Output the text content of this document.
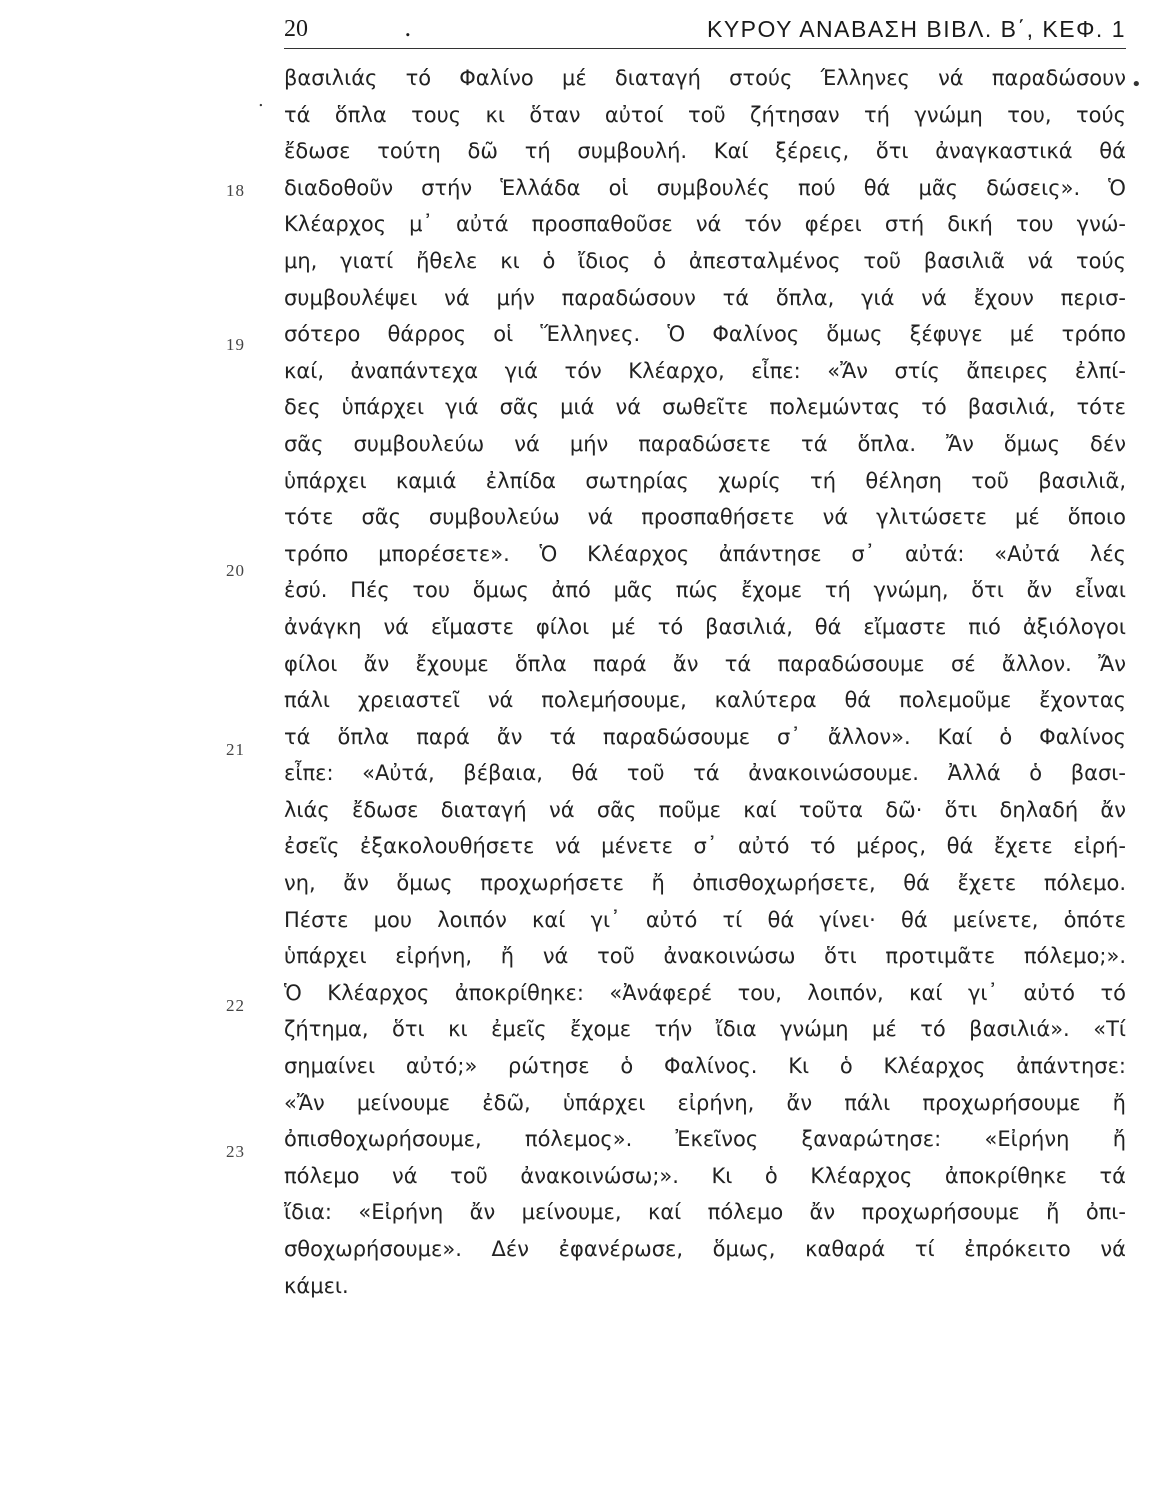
20	.	ΚΥΡΟΥ ΑΝΑΒΑΣΗ ΒΙΒΛ. Β΄, ΚΕΦ. 1
.
•
18
19
20
21
22
23
βασιλιάς τό Φαλίνο μέ διαταγή στούς Έλληνες νά παραδώσουν
τά ὅπλα τους κι ὅταν αὐτοί τοῦ ζήτησαν τή γνώμη του, τούς
ἔδωσε τούτη δῶ τή συμβουλή. Καί ξέρεις, ὅτι ἀναγκαστικά θά
διαδοθοῦν στήν Ἑλλάδα οἱ συμβουλές πού θά μᾶς δώσεις». Ὁ
Κλέαρχος μ᾽ αὐτά προσπαθοῦσε νά τόν φέρει στή δική του γνώ-
μη, γιατί ἤθελε κι ὁ ἴδιος ὁ ἀπεσταλμένος τοῦ βασιλιᾶ νά τούς
συμβουλέψει νά μήν παραδώσουν τά ὅπλα, γιά νά ἔχουν περισ-
σότερο θάρρος οἱ Ἕλληνες. Ὁ Φαλίνος ὅμως ξέφυγε μέ τρόπο
καί, ἀναπάντεχα γιά τόν Κλέαρχο, εἶπε: «Ἄν στίς ἄπειρες ἐλπί-
δες ὑπάρχει γιά σᾶς μιά νά σωθεῖτε πολεμώντας τό βασιλιά, τότε
σᾶς συμβουλεύω νά μήν παραδώσετε τά ὅπλα. Ἄν ὅμως δέν
ὑπάρχει καμιά ἐλπίδα σωτηρίας χωρίς τή θέληση τοῦ βασιλιᾶ,
τότε σᾶς συμβουλεύω νά προσπαθήσετε νά γλιτώσετε μέ ὅποιο
τρόπο μπορέσετε». Ὁ Κλέαρχος ἀπάντησε σ᾽ αὐτά: «Αὐτά λές
ἐσύ. Πές του ὅμως ἀπό μᾶς πώς ἔχομε τή γνώμη, ὅτι ἄν εἶναι
ἀνάγκη νά εἴμαστε φίλοι μέ τό βασιλιά, θά εἴμαστε πιό ἀξιόλογοι
φίλοι ἄν ἔχουμε ὅπλα παρά ἄν τά παραδώσουμε σέ ἄλλον. Ἄν
πάλι χρειαστεῖ νά πολεμήσουμε, καλύτερα θά πολεμοῦμε ἔχοντας
τά ὅπλα παρά ἄν τά παραδώσουμε σ᾽ ἄλλον». Καί ὁ Φαλίνος
εἶπε: «Αὐτά, βέβαια, θά τοῦ τά ἀνακοινώσουμε. Ἀλλά ὁ βασι-
λιάς ἔδωσε διαταγή νά σᾶς ποῦμε καί τοῦτα δῶ· ὅτι δηλαδή ἄν
ἐσεῖς ἐξακολουθήσετε νά μένετε σ᾽ αὐτό τό μέρος, θά ἔχετε εἰρή-
νη, ἄν ὅμως προχωρήσετε ἤ ὀπισθοχωρήσετε, θά ἔχετε πόλεμο.
Πέστε μου λοιπόν καί γι᾽ αὐτό τί θά γίνει· θά μείνετε, ὁπότε
ὑπάρχει εἰρήνη, ἤ νά τοῦ ἀνακοινώσω ὅτι προτιμᾶτε πόλεμο;».
Ὁ Κλέαρχος ἀποκρίθηκε: «Ἀνάφερέ του, λοιπόν, καί γι᾽ αὐτό τό
ζήτημα, ὅτι κι ἐμεῖς ἔχομε τήν ἴδια γνώμη μέ τό βασιλιά». «Τί
σημαίνει αὐτό;» ρώτησε ὁ Φαλίνος. Κι ὁ Κλέαρχος ἀπάντησε:
«Ἄν μείνουμε ἐδῶ, ὑπάρχει εἰρήνη, ἄν πάλι προχωρήσουμε ἤ
ὀπισθοχωρήσουμε, πόλεμος». Ἐκεῖνος ξαναρώτησε: «Εἰρήνη ἤ
πόλεμο νά τοῦ ἀνακοινώσω;». Κι ὁ Κλέαρχος ἀποκρίθηκε τά
ἴδια: «Εἰρήνη ἄν μείνουμε, καί πόλεμο ἄν προχωρήσουμε ἤ ὀπι-
σθοχωρήσουμε». Δέν ἐφανέρωσε, ὅμως, καθαρά τί ἐπρόκειτο νά
κάμει.
